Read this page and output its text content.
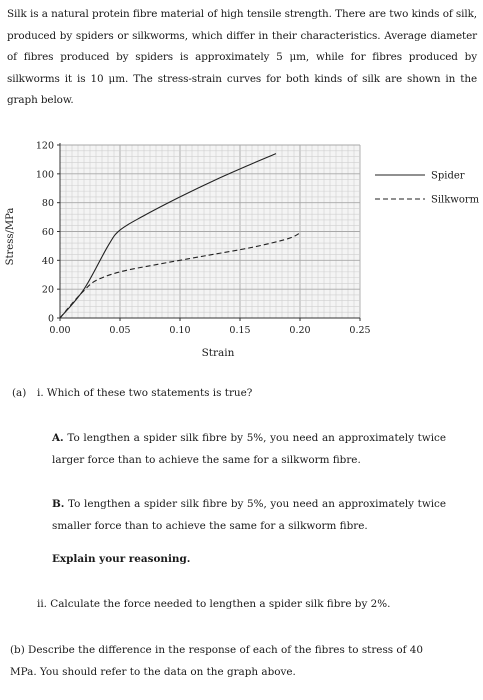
Silk is a natural protein fibre material of high tensile strength. There are two kinds of silk, produced by spiders or silkworms, which differ in their characteristics. Average diameter of fibres produced by spiders is approximately 5 μm, while for fibres produced by silkworms it is 10 μm. The stress-strain curves for both kinds of silk are shown in the graph below.

0.00	0.05	0.10	0.15	0.20	0.25
0
20
40
60
80
100
120
Spider
Silkworm
Strain
Stress/MPa
(a) i. Which of these two statements is true?
A. To lengthen a spider silk fibre by 5%, you need an approximately twice larger force than to achieve the same for a silkworm fibre.
B. To lengthen a spider silk fibre by 5%, you need an approximately twice smaller force than to achieve the same for a silkworm fibre.
Explain your reasoning.
ii. Calculate the force needed to lengthen a spider silk fibre by 2%.
(b) Describe the difference in the response of each of the fibres to stress of 40 MPa. You should refer to the data on the graph above.
